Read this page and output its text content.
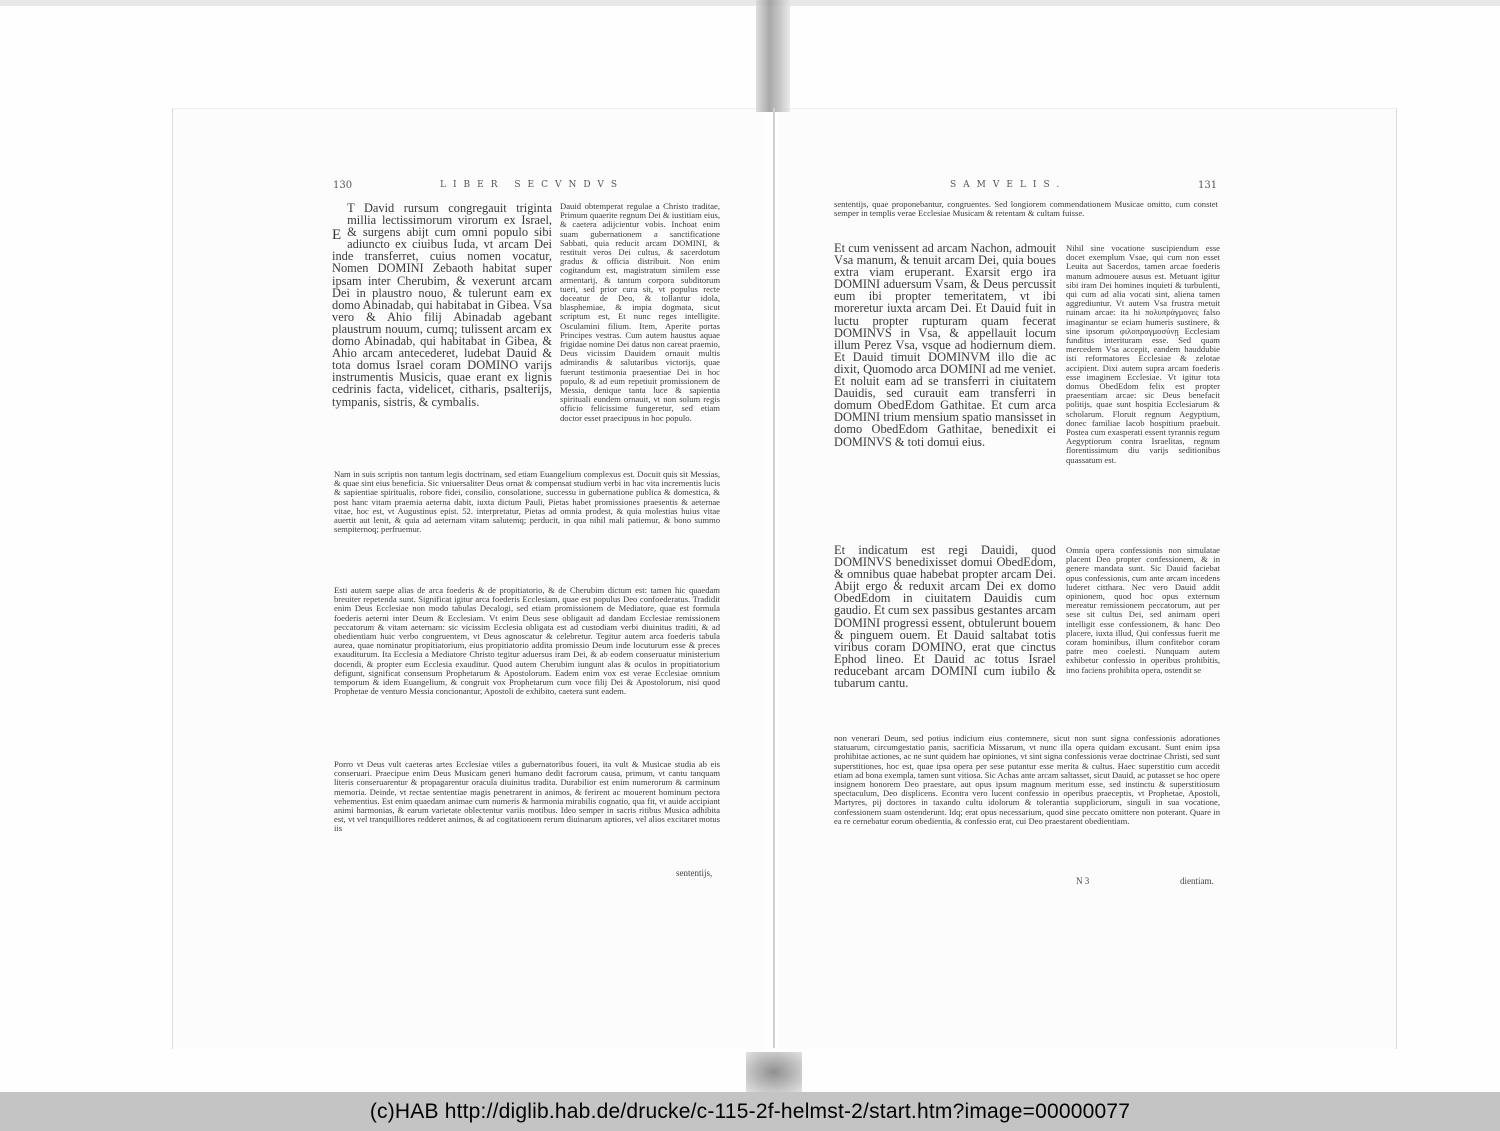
130	LIBER SECVNDVS
E

T David rursum congregauit triginta millia lectissimorum virorum ex Israel, & surgens abijt cum omni populo sibi adiuncto ex ciuibus Iuda, vt arcam Dei inde transferret, cuius nomen vocatur, Nomen DOMINI Zebaoth habitat super ipsam inter Cherubim, & vexerunt arcam Dei in plaustro nouo, & tulerunt eam ex domo Abinadab, qui habitabat in Gibea. Vsa vero & Ahio filij Abinadab agebant plaustrum nouum, cumq; tulissent arcam ex domo Abinadab, qui habitabat in Gibea, & Ahio arcam antecederet, ludebat Dauid & tota domus Israel coram DOMINO varijs instrumentis Musicis, quae erant ex lignis cedrinis facta, videlicet, citharis, psalterijs, tympanis, sistris, & cymbalis.

Dauid obtemperat regulae a Christo traditae, Primum quaerite regnum Dei & iustitiam eius, & caetera adijcientur vobis. Inchoat enim suam gubernationem a sanctificatione Sabbati, quia reducit arcam DOMINI, & restituit veros Dei cultus, & sacerdotum gradus & officia distribuit. Non enim cogitandum est, magistratum similem esse armentarij, & tantum corpora subditorum tueri, sed prior cura sit, vt populus recte doceatur de Deo, & tollantur idola, blasphemiae, & impia dogmata, sicut scriptum est, Et nunc reges intelligite. Osculamini filium. Item, Aperite portas Principes vestras. Cum autem haustus aquae frigidae nomine Dei datus non careat praemio, Deus vicissim Dauidem ornauit multis admirandis & salutaribus victorijs, quae fuerunt testimonia praesentiae Dei in hoc populo, & ad eum repetiuit promissionem de Messia, denique tanta luce & sapientia spirituali eundem ornauit, vt non solum regis officio felicissime fungeretur, sed etiam doctor esset praecipuus in hoc populo.
Nam in suis scriptis non tantum legis doctrinam, sed etiam Euangelium complexus est. Docuit quis sit Messias, & quae sint eius beneficia. Sic vniuersaliter Deus ornat & compensat studium verbi in hac vita incrementis lucis & sapientiae spiritualis, robore fidei, consilio, consolatione, successu in gubernatione publica & domestica, & post hanc vitam praemia aeterna dabit, iuxta dictum Pauli, Pietas habet promissiones praesentis & aeternae vitae, hoc est, vt Augustinus epist. 52. interpretatur, Pietas ad omnia prodest, & quia molestias huius vitae auertit aut lenit, & quia ad aeternam vitam salutemq; perducit, in qua nihil mali patiemur, & bono summo sempiternoq; perfruemur.
Esti autem saepe alias de arca foederis & de propitiatorio, & de Cherubim dictum est: tamen hic quaedam breuiter repetenda sunt. Significat igitur arca foederis Ecclesiam, quae est populus Deo confoederatus. Tradidit enim Deus Ecclesiae non modo tabulas Decalogi, sed etiam promissionem de Mediatore, quae est formula foederis aeterni inter Deum & Ecclesiam. Vt enim Deus sese obligauit ad dandam Ecclesiae remissionem peccatorum & vitam aeternam: sic vicissim Ecclesia obligata est ad custodiam verbi diuinitus traditi, & ad obedientiam huic verbo congruentem, vt Deus agnoscatur & celebretur. Tegitur autem arca foederis tabula aurea, quae nominatur propitiatorium, eius propitiatorio addita promissio Deum inde locuturum esse & preces exauditurum. Ita Ecclesia a Mediatore Christo tegitur aduersus iram Dei, & ab eodem conseruatur ministerium docendi, & propter eum Ecclesia exauditur. Quod autem Cherubim iungunt alas & oculos in propitiatorium defigunt, significat consensum Prophetarum & Apostolorum. Eadem enim vox est verae Ecclesiae omnium temporum & idem Euangelium, & congruit vox Prophetarum cum voce filij Dei & Apostolorum, nisi quod Prophetae de venturo Messia concionantur, Apostoli de exhibito, caetera sunt eadem.
Porro vt Deus vult caeteras artes Ecclesiae vtiles a gubernatoribus foueri, ita vult & Musicae studia ab eis conseruari. Praecipue enim Deus Musicam generi humano dedit facrorum causa, primum, vt cantu tanquam literis conseruarentur & propagarentur oracula diuinitus tradita. Durabilior est enim numerorum & carminum memoria. Deinde, vt rectae sententiae magis penetrarent in animos, & ferirent ac mouerent hominum pectora vehementius. Est enim quaedam animae cum numeris & harmonia mirabilis cognatio, qua fit, vt auide accipiant animi harmonias, & earum varietate oblectentur variis motibus. Ideo semper in sacris ritibus Musica adhibita est, vt vel tranquilliores redderet animos, & ad cogitationem rerum diuinarum aptiores, vel alios excitaret motus iis
sententijs,
SAMVELIS.	131
sententijs, quae proponebantur, congruentes. Sed longiorem commendationem Musicae omitto, cum constet semper in templis verae Ecclesiae Musicam & retentam & cultam fuisse.
Et cum venissent ad arcam Nachon, admouit Vsa manum, & tenuit arcam Dei, quia boues extra viam eruperant. Exarsit ergo ira DOMINI aduersum Vsam, & Deus percussit eum ibi propter temeritatem, vt ibi moreretur iuxta arcam Dei. Et Dauid fuit in luctu propter rupturam quam fecerat DOMINVS in Vsa, & appellauit locum illum Perez Vsa, vsque ad hodiernum diem. Et Dauid timuit DOMINVM illo die ac dixit, Quomodo arca DOMINI ad me veniet. Et noluit eam ad se transferri in ciuitatem Dauidis, sed curauit eam transferri in domum ObedEdom Gathitae. Et cum arca DOMINI trium mensium spatio mansisset in domo ObedEdom Gathitae, benedixit ei DOMINVS & toti domui eius.
Nihil sine vocatione suscipiendum esse docet exemplum Vsae, qui cum non esset Leuita aut Sacerdos, tamen arcae foederis manum admouere ausus est. Metuant igitur sibi iram Dei homines inquieti & turbulenti, qui cum ad alia vocati sint, aliena tamen aggrediuntur. Vt autem Vsa frustra metuit ruinam arcae: ita hi πολυπράγμονες falso imaginantur se eciam humeris sustinere, & sine ipsorum φιλοπραγμοσύνῃ Ecclesiam funditus interituram esse. Sed quam mercedem Vsa accepit, eandem hauddubie isti reformatores Ecclesiae & zelotae accipient. Dixi autem supra arcam foederis esse imaginem Ecclesiae. Vt igitur tota domus ObedEdom felix est propter praesentiam arcae: sic Deus benefacit politijs, quae sunt hospitia Ecclesiarum & scholarum. Floruit regnum Aegyptium, donec familiae Iacob hospitium praebuit. Postea cum exasperati essent tyrannis regum Aegyptiorum contra Israelitas, regnum florentissimum diu varijs seditionibus quassatum est.
Et indicatum est regi Dauidi, quod DOMINVS benedixisset domui ObedEdom, & omnibus quae habebat propter arcam Dei. Abijt ergo & reduxit arcam Dei ex domo ObedEdom in ciuitatem Dauidis cum gaudio. Et cum sex passibus gestantes arcam DOMINI progressi essent, obtulerunt bouem & pinguem ouem. Et Dauid saltabat totis viribus coram DOMINO, erat que cinctus Ephod lineo. Et Dauid ac totus Israel reducebant arcam DOMINI cum iubilo & tubarum cantu.
Omnia opera confessionis non simulatae placent Deo propter confessionem, & in genere mandata sunt. Sic Dauid faciebat opus confessionis, cum ante arcam incedens luderet citthara. Nec vero Dauid addit opinionem, quod hoc opus externum mereatur remissionem peccatorum, aut per sese sit cultus Dei, sed animam operi intelligit esse confessionem, & hanc Deo placere, iuxta illud, Qui confessus fuerit me coram hominibus, illum confitebor coram patre meo coelesti. Nunquam autem exhibetur confessio in operibus prohibitis, imo faciens prohibita opera, ostendit se
non venerari Deum, sed potius indicium eius contemnere, sicut non sunt signa confessionis adorationes statuarum, circumgestatio panis, sacrificia Missarum, vt nunc illa opera quidam excusant. Sunt enim ipsa prohibitae actiones, ac ne sunt quidem hae opiniones, vt sint signa confessionis verae doctrinae Christi, sed sunt superstitiones, hoc est, quae ipsa opera per sese putantur esse merita & cultus. Haec superstitio cum accedit etiam ad bona exempla, tamen sunt vitiosa. Sic Achas ante arcam saltasset, sicut Dauid, ac putasset se hoc opere insignem honorem Deo praestare, aut opus ipsum magnum meritum esse, sed instinctu & superstitiosum spectaculum, Deo displicens. Econtra vero lucent confessio in operibus praeceptis, vt Prophetae, Apostoli, Martyres, pij doctores in taxando cultu idolorum & tolerantia suppliciorum, singuli in sua vocatione, confessionem suam ostenderunt. Idq; erat opus necessarium, quod sine peccato omittere non poterant. Quare in ea re cernebatur eorum obedientia, & confessio erat, cui Deo praestarent obedientiam.
N 3	dientiam.
(c)HAB http://diglib.hab.de/drucke/c-115-2f-helmst-2/start.htm?image=00000077
